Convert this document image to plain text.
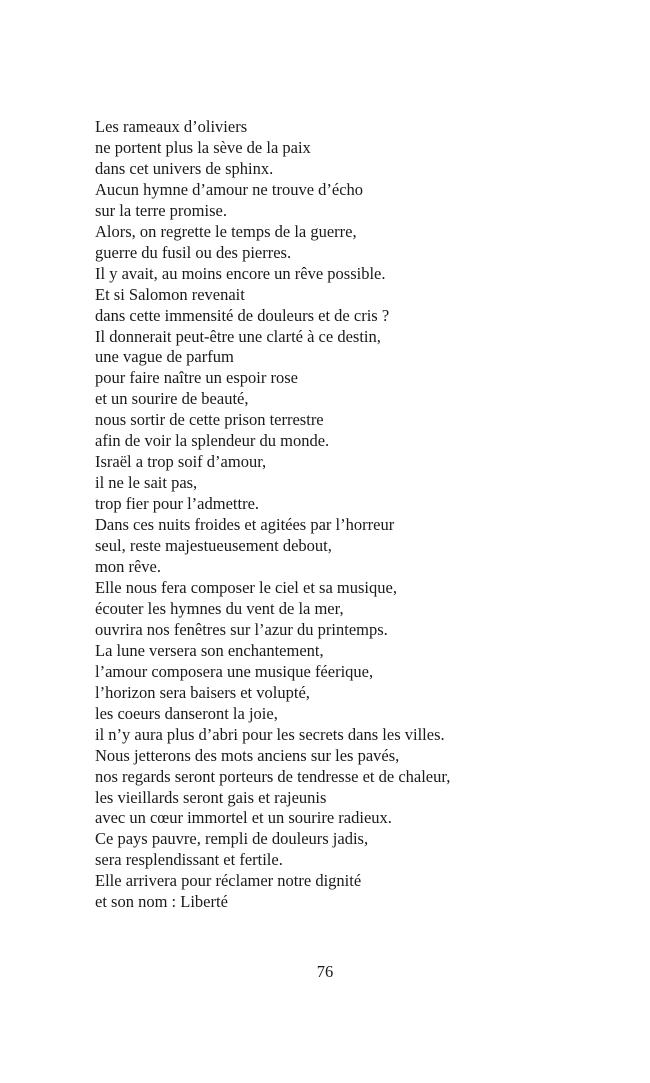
Les rameaux d’oliviers
ne portent plus la sève de la paix
dans cet univers de sphinx.
Aucun hymne d’amour ne trouve d’écho
sur la terre promise.
Alors, on regrette le temps de la guerre,
guerre du fusil ou des pierres.
Il y avait, au moins encore un rêve possible.
Et si Salomon revenait
dans cette immensité de douleurs et de cris ?
Il donnerait peut-être une clarté à ce destin,
une vague de parfum
pour faire naître un espoir rose
et un sourire de beauté,
nous sortir de cette prison terrestre
afin de voir la splendeur du monde.
Israël a trop soif d’amour,
il ne le sait pas,
trop fier pour l’admettre.
Dans ces nuits froides et agitées par l’horreur
seul, reste majestueusement debout,
mon rêve.
Elle nous fera composer le ciel et sa musique,
écouter les hymnes du vent de la mer,
ouvrira nos fenêtres sur l’azur du printemps.
La lune versera son enchantement,
l’amour composera une musique féerique,
l’horizon sera baisers et volupté,
les coeurs danseront la joie,
il n’y aura plus d’abri pour les secrets dans les villes.
Nous jetterons des mots anciens sur les pavés,
nos regards seront porteurs de tendresse et de chaleur,
les vieillards seront gais et rajeunis
avec un cœur immortel et un sourire radieux.
Ce pays pauvre, rempli de douleurs jadis,
sera resplendissant et fertile.
Elle arrivera pour réclamer notre dignité
et son nom : Liberté
76
